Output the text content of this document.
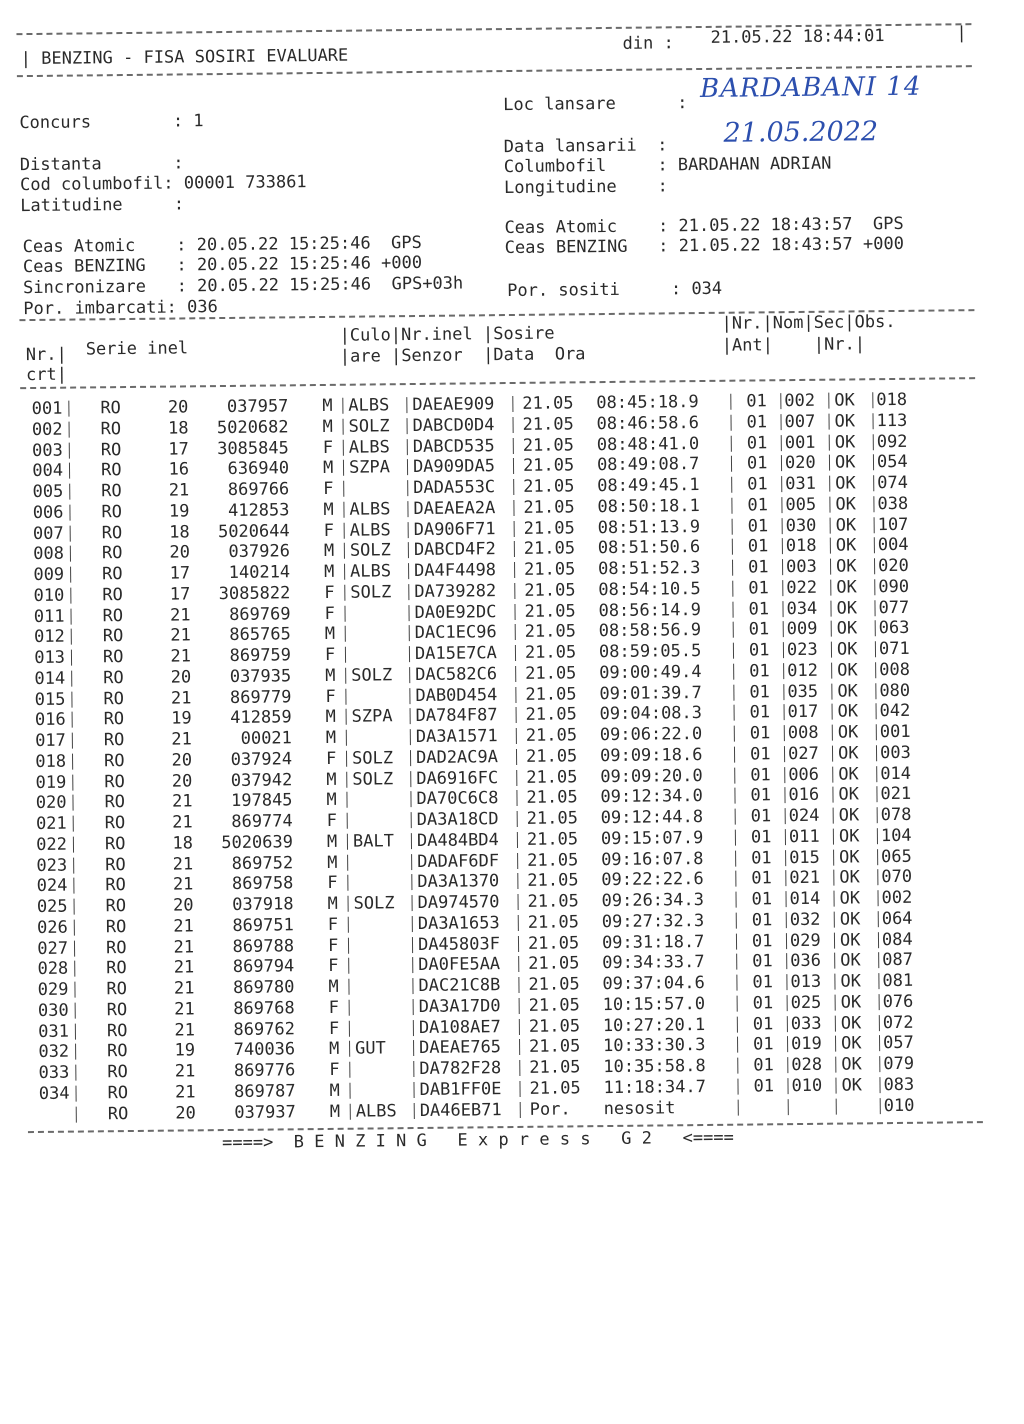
| BENZING - FISA SOSIRI EVALUARE
din : 21.05.22 18:44:01	|
Concurs        : 1
Distanta       :
Cod columbofil: 00001 733861
Latitudine     :
Loc lansare      :
BARDABANI 14
Data lansarii  : 21.05.2022
Columbofil     : BARDAHAN ADRIAN
Longitudine    :
Ceas Atomic    : 20.05.22 15:25:46  GPS
Ceas BENZING   : 20.05.22 15:25:46 +000
Sincronizare   : 20.05.22 15:25:46  GPS+03h
Por. imbarcati: 036
Ceas Atomic    : 21.05.22 18:43:57  GPS
Ceas BENZING   : 21.05.22 18:43:57 +000
Por. sositi     : 034
|Culo|Nr.inel |Sosire
|Nr.|Nom|Sec|Obs.
Nr.| Serie inel	|are |Senzor  |Data  Ora	|Ant|    |Nr.|
crt|
001 RO	20	037957 M ALBS DAEAE909	21.05 08:45:18.9	01	002	OK	018
002 RO	18	5020682 M SOLZ DABCD0D4	21.05 08:46:58.6	01	007	OK	113
003 RO	17	3085845 F ALBS DABCD535	21.05 08:48:41.0	01	001	OK	092
004 RO	16	636940 M SZPA DA909DA5	21.05 08:49:08.7	01	020	OK	054
005 RO	21	869766 F	DADA553C	21.05 08:49:45.1	01	031	OK	074
006 RO	19	412853 M ALBS DAEAEA2A	21.05 08:50:18.1	01	005	OK	038
007 RO	18	5020644 F ALBS DA906F71	21.05 08:51:13.9	01	030	OK	107
008 RO	20	037926 M SOLZ DABCD4F2	21.05 08:51:50.6	01	018	OK	004
009 RO	17	140214 M ALBS DA4F4498	21.05 08:51:52.3	01	003	OK	020
010 RO	17	3085822 F SOLZ DA739282	21.05 08:54:10.5	01	022	OK	090
011 RO	21	869769 F	DA0E92DC	21.05 08:56:14.9	01	034	OK	077
012 RO	21	865765 M	DAC1EC96	21.05 08:58:56.9	01	009	OK	063
013 RO	21	869759 F	DA15E7CA	21.05 08:59:05.5	01	023	OK	071
014 RO	20	037935 M SOLZ DAC582C6	21.05 09:00:49.4	01	012	OK	008
015 RO	21	869779 F	DAB0D454	21.05 09:01:39.7	01	035	OK	080
016 RO	19	412859 M SZPA DA784F87	21.05 09:04:08.3	01	017	OK	042
017 RO	21	00021 M	DA3A1571	21.05 09:06:22.0	01	008	OK	001
018 RO	20	037924 F SOLZ DAD2AC9A	21.05 09:09:18.6	01	027	OK	003
019 RO	20	037942 M SOLZ DA6916FC	21.05 09:09:20.0	01	006	OK	014
020 RO	21	197845 M	DA70C6C8	21.05 09:12:34.0	01	016	OK	021
021 RO	21	869774 F	DA3A18CD	21.05 09:12:44.8	01	024	OK	078
022 RO	18	5020639 M BALT DA484BD4	21.05 09:15:07.9	01	011	OK	104
023 RO	21	869752 M	DADAF6DF	21.05 09:16:07.8	01	015	OK	065
024 RO	21	869758 F	DA3A1370	21.05 09:22:22.6	01	021	OK	070
025 RO	20	037918 M SOLZ DA974570	21.05 09:26:34.3	01	014	OK	002
026 RO	21	869751 F	DA3A1653	21.05 09:27:32.3	01	032	OK	064
027 RO	21	869788 F	DA45803F	21.05 09:31:18.7	01	029	OK	084
028 RO	21	869794 F	DA0FE5AA	21.05 09:34:33.7	01	036	OK	087
029 RO	21	869780 M	DAC21C8B	21.05 09:37:04.6	01	013	OK	081
030 RO	21	869768 F	DA3A17D0	21.05 10:15:57.0	01	025	OK	076
031 RO	21	869762 F	DA108AE7	21.05 10:27:20.1	01	033	OK	072
032 RO	19	740036 M GUT	DAEAE765	21.05 10:33:30.3	01	019	OK	057
033 RO	21	869776 F	DA782F28	21.05 10:35:58.8	01	028	OK	079
034 RO	21	869787 M	DAB1FF0E	21.05 11:18:34.7	01	010	OK	083
RO	20	037937 M ALBS DA46EB71	Por.	nesosit	010
====>  B E N Z I N G   E x p r e s s   G 2   <====
